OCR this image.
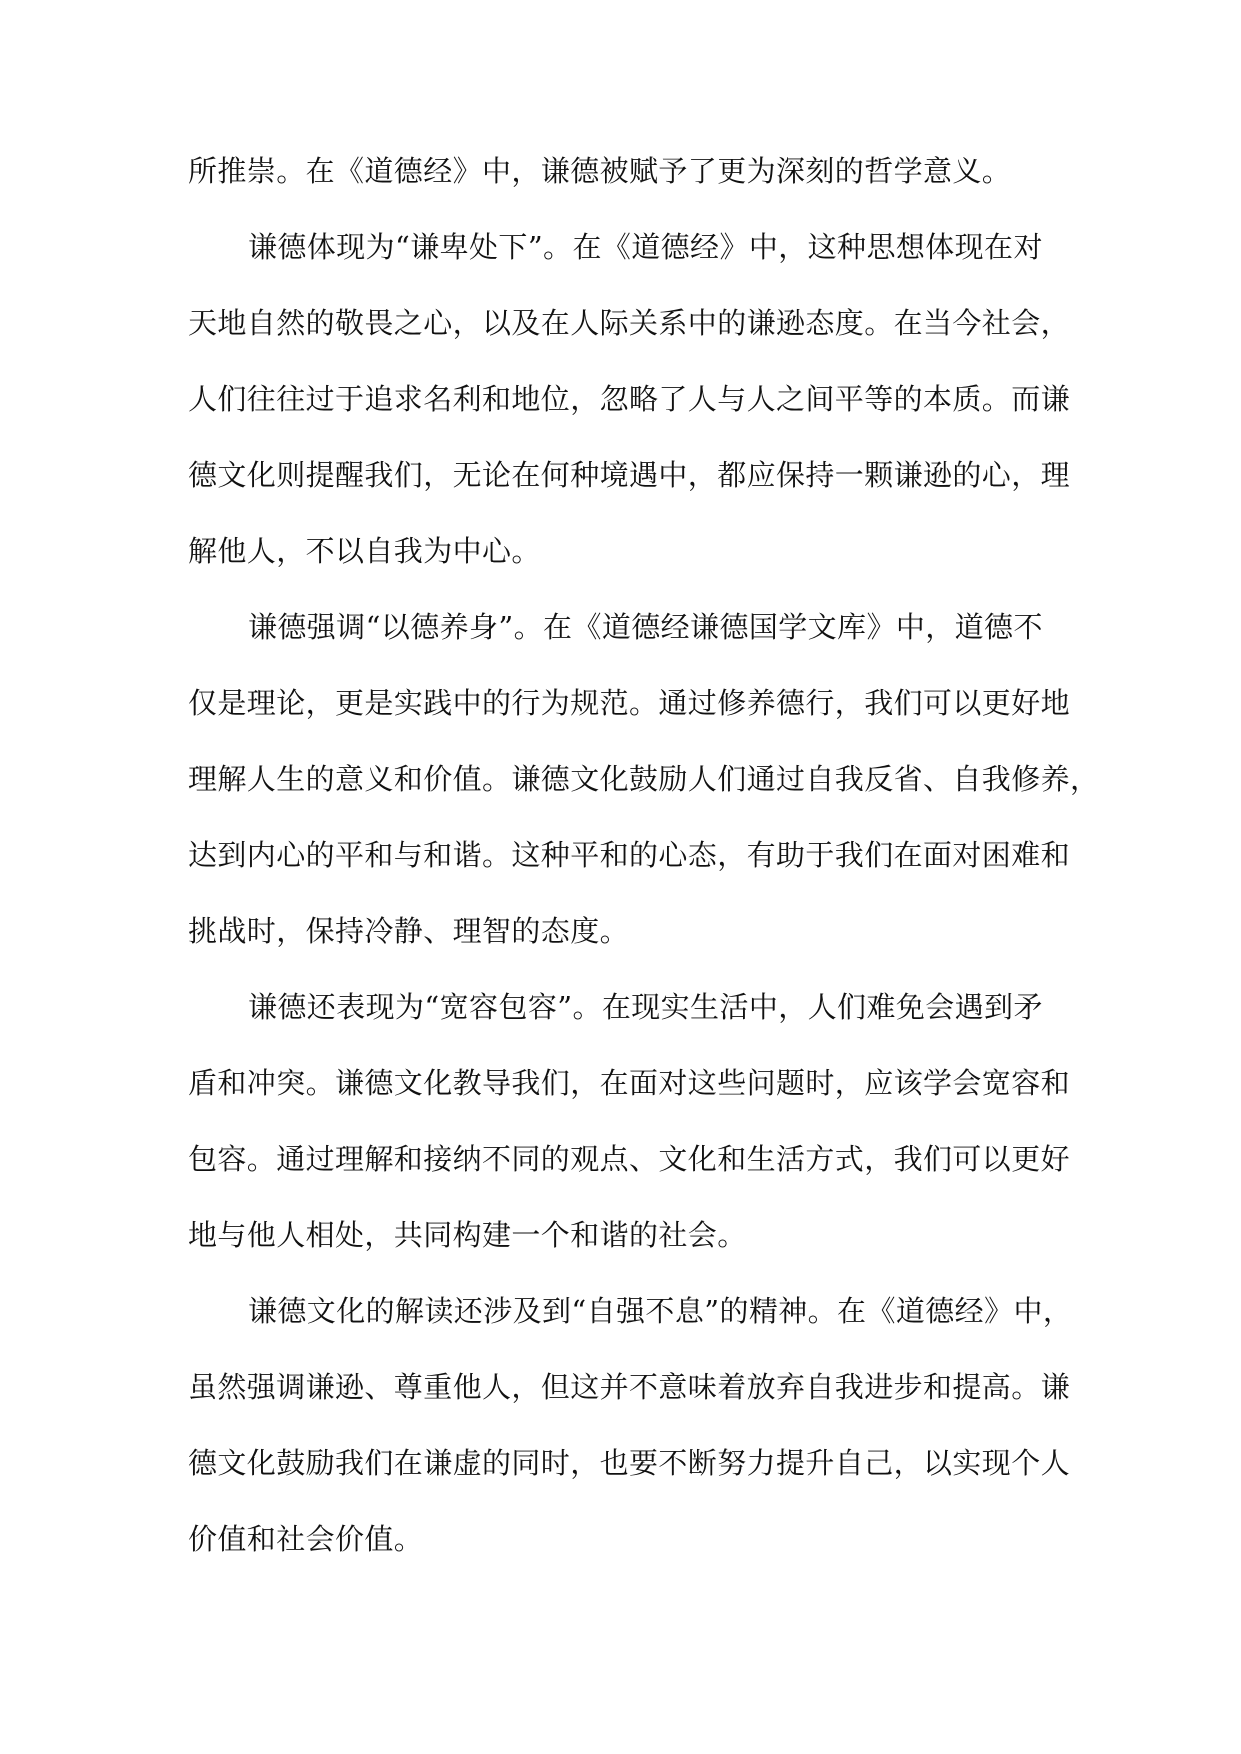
所推崇。在《道德经》中，谦德被赋予了更为深刻的哲学意义。
谦德体现为“谦卑处下”。在《道德经》中，这种思想体现在对
天地自然的敬畏之心，以及在人际关系中的谦逊态度。在当今社会，
人们往往过于追求名利和地位，忽略了人与人之间平等的本质。而谦
德文化则提醒我们，无论在何种境遇中，都应保持一颗谦逊的心，理
解他人，不以自我为中心。
谦德强调“以德养身”。在《道德经谦德国学文库》中，道德不
仅是理论，更是实践中的行为规范。通过修养德行，我们可以更好地
理解人生的意义和价值。谦德文化鼓励人们通过自我反省、自我修养，
达到内心的平和与和谐。这种平和的心态，有助于我们在面对困难和
挑战时，保持冷静、理智的态度。
谦德还表现为“宽容包容”。在现实生活中，人们难免会遇到矛
盾和冲突。谦德文化教导我们，在面对这些问题时，应该学会宽容和
包容。通过理解和接纳不同的观点、文化和生活方式，我们可以更好
地与他人相处，共同构建一个和谐的社会。
谦德文化的解读还涉及到“自强不息”的精神。在《道德经》中，
虽然强调谦逊、尊重他人，但这并不意味着放弃自我进步和提高。谦
德文化鼓励我们在谦虚的同时，也要不断努力提升自己，以实现个人
价值和社会价值。
